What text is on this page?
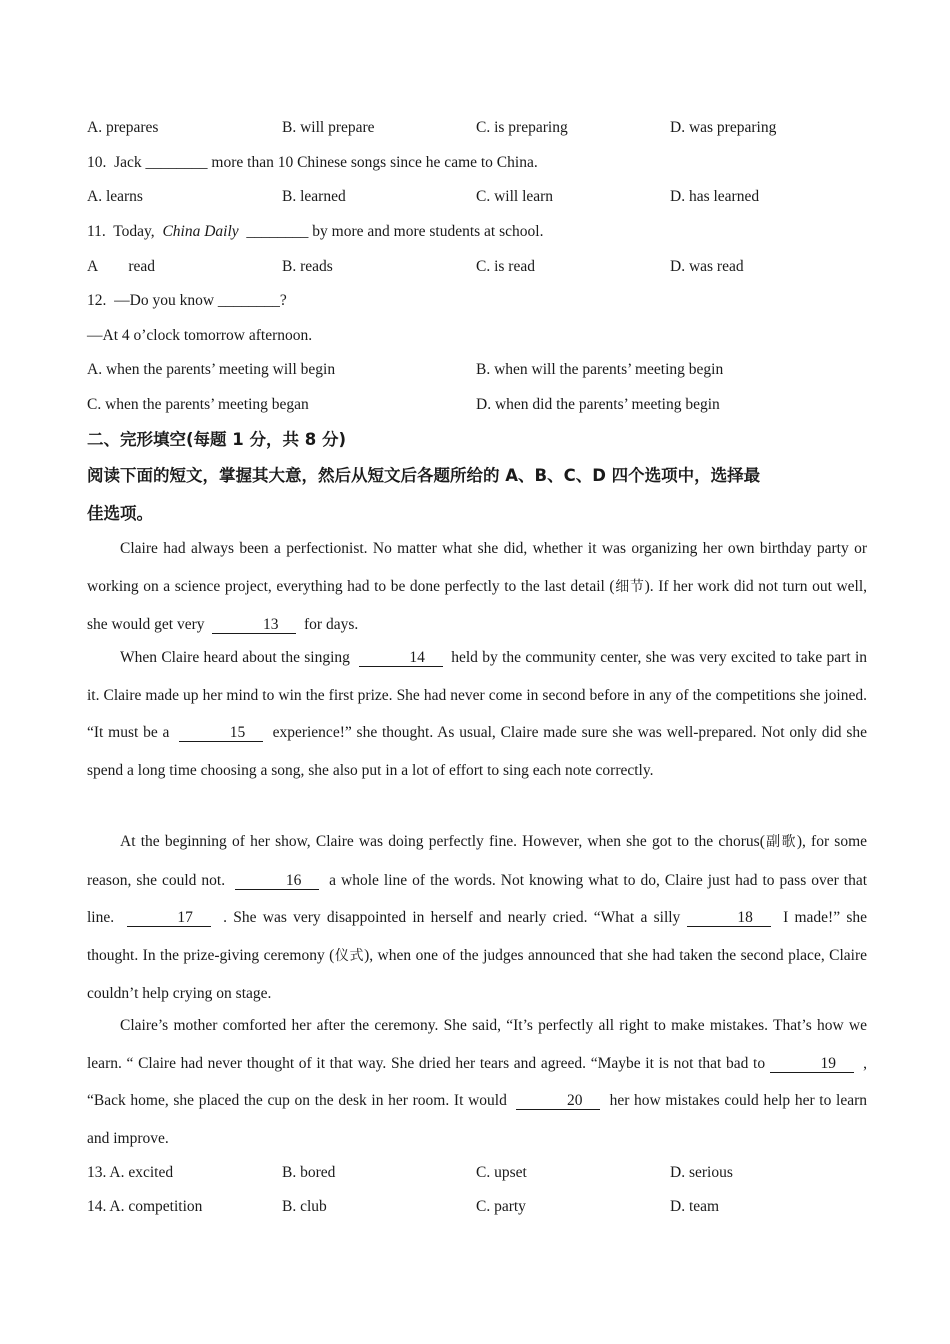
A. prepares	B. will prepare	C. is preparing	D. was preparing
10. Jack ________ more than 10 Chinese songs since he came to China.
A. learns	B. learned	C. will learn	D. has learned
11. Today, China Daily ________ by more and more students at school.
A        read	B. reads	C. is read	D. was read
12. —Do you know ________?
—At 4 o’clock tomorrow afternoon.
A. when the parents’ meeting will begin	B. when will the parents’ meeting begin
C. when the parents’ meeting began	D. when did the parents’ meeting begin
二、完形填空(每题 1 分，共 8 分)
阅读下面的短文，掌握其大意，然后从短文后各题所给的 A、B、C、D 四个选项中，选择最
佳选项。
Claire had always been a perfectionist. No matter what she did, whether it was organizing her own birthday party or working on a science project, everything had to be done perfectly to the last detail (细节). If her work did not turn out well, she would get very	13 for days.
When Claire heard about the singing	14 held by the community center, she was very excited to take part in it. Claire made up her mind to win the first prize. She had never come in second before in any of the competitions she joined. “It must be a	15 experience!” she thought. As usual, Claire made sure she was well-prepared. Not only did she spend a long time choosing a song, she also put in a lot of effort to sing each note correctly.
At the beginning of her show, Claire was doing perfectly fine. However, when she got to the chorus(副歌), for some reason, she could not.	16 a whole line of the words. Not knowing what to do, Claire just had to pass over that line.	17 . She was very disappointed in herself and nearly cried. “What a silly	18 I made!” she thought. In the prize-giving ceremony (仪式), when one of the judges announced that she had taken the second place, Claire couldn’t help crying on stage.
Claire’s mother comforted her after the ceremony. She said, “It’s perfectly all right to make mistakes. That’s how we learn. “ Claire had never thought of it that way. She dried her tears and agreed. “Maybe it is not that bad to	19 , “Back home, she placed the cup on the desk in her room. It would	20 her how mistakes could help her to learn and improve.
13. A. excited	B. bored	C. upset	D. serious
14. A. competition	B. club	C. party	D. team
